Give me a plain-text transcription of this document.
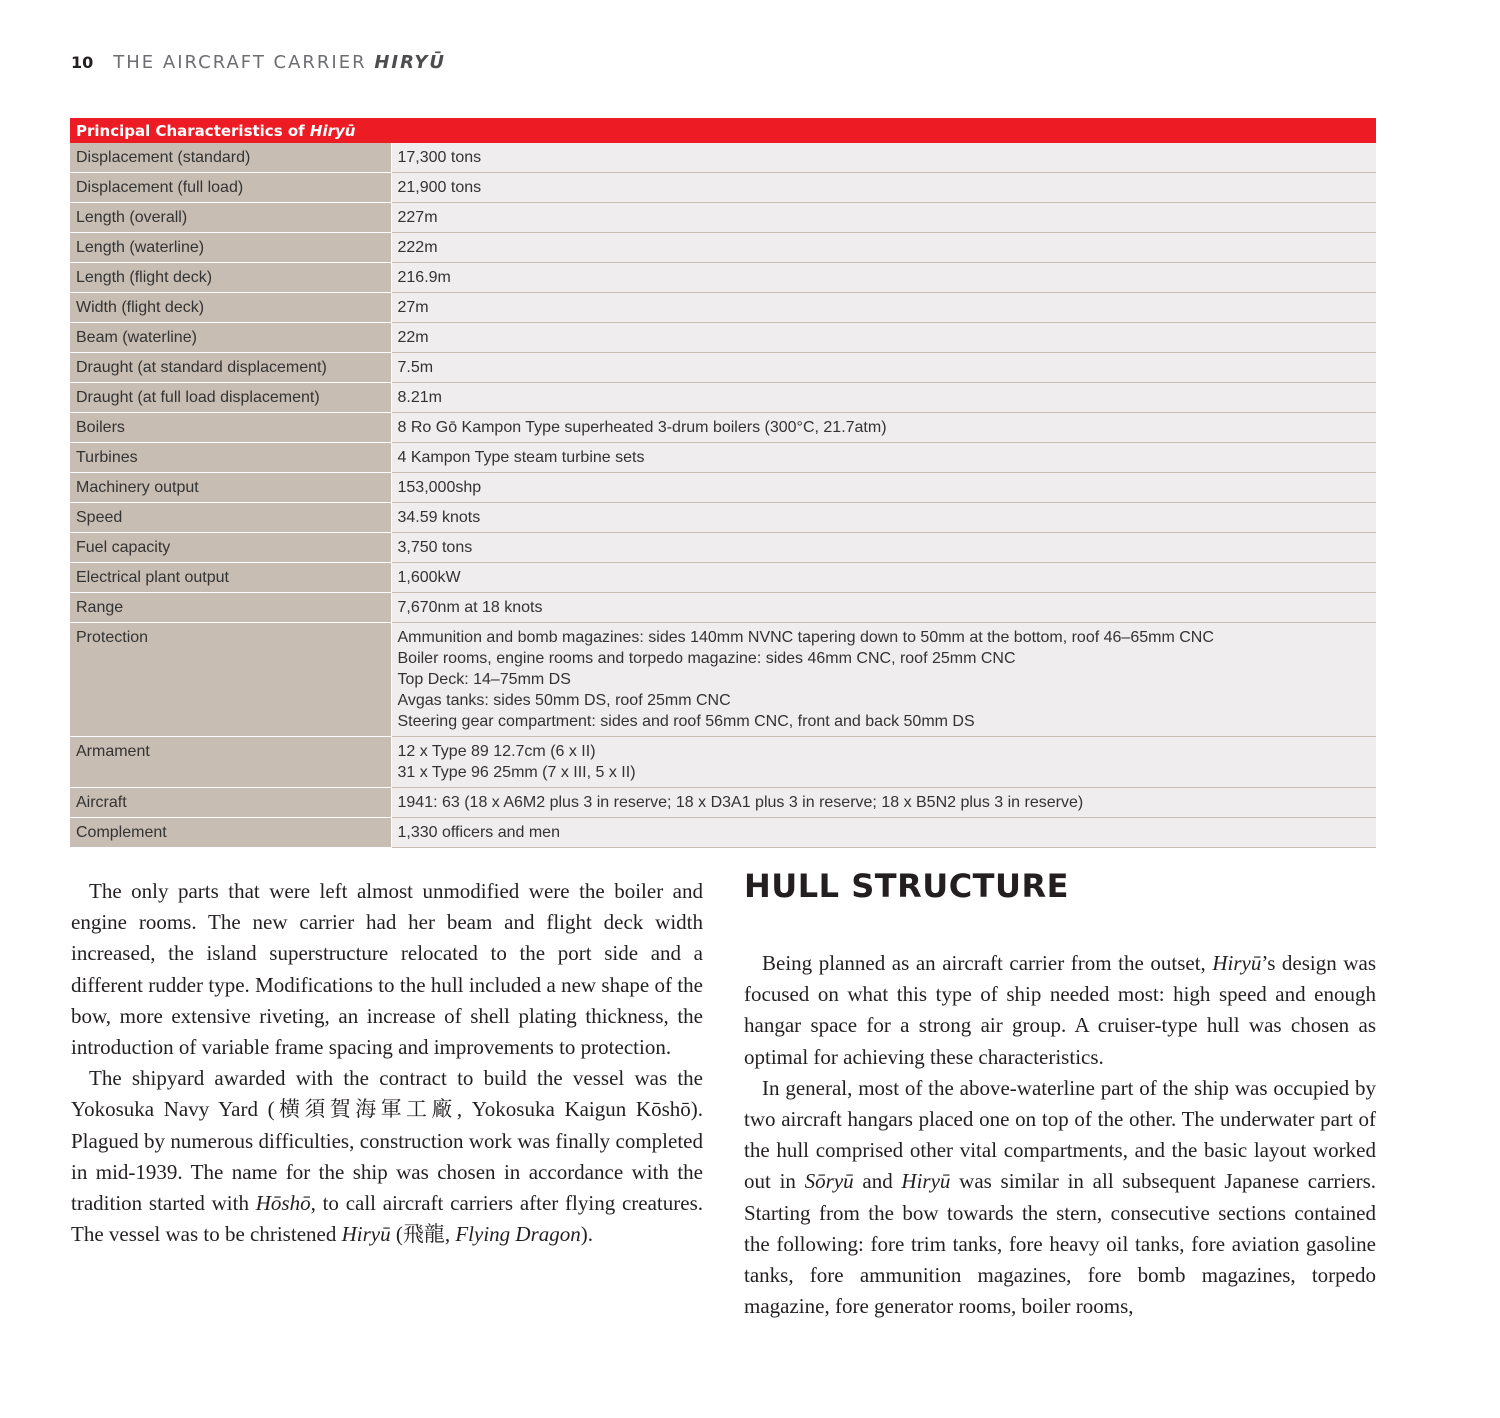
10 THE AIRCRAFT CARRIER HIRYŪ
Principal Characteristics of Hiryū	
Displacement (standard)	17,300 tons

Displacement (full load)	21,900 tons

Length (overall)	227m

Length (waterline)	222m

Length (flight deck)	216.9m

Width (flight deck)	27m

Beam (waterline)	22m

Draught (at standard displacement)	7.5m

Draught (at full load displacement)	8.21m

Boilers	8 Ro Gō Kampon Type superheated 3-drum boilers (300°C, 21.7atm)

Turbines	4 Kampon Type steam turbine sets

Machinery output	153,000shp

Speed	34.59 knots

Fuel capacity	3,750 tons

Electrical plant output	1,600kW

Range	7,670nm at 18 knots

Protection	Ammunition and bomb magazines: sides 140mm NVNC tapering down to 50mm at the bottom, roof 46–65mm CNC
Boiler rooms, engine rooms and torpedo magazine: sides 46mm CNC, roof 25mm CNC
Top Deck: 14–75mm DS
Avgas tanks: sides 50mm DS, roof 25mm CNC
Steering gear compartment: sides and roof 56mm CNC, front and back 50mm DS

Armament	12 x Type 89 12.7cm (6 x II)
31 x Type 96 25mm (7 x III, 5 x II)

Aircraft	1941: 63 (18 x A6M2 plus 3 in reserve; 18 x D3A1 plus 3 in reserve; 18 x B5N2 plus 3 in reserve)

Complement	1,330 officers and men

The only parts that were left almost unmodified were the boiler and engine rooms. The new carrier had her beam and flight deck width increased, the island superstructure relocated to the port side and a different rudder type. Modifications to the hull included a new shape of the bow, more extensive riveting, an increase of shell plating thickness, the introduction of variable frame spacing and improvements to protection.

The shipyard awarded with the contract to build the vessel was the Yokosuka Navy Yard (横須賀海軍工廠, Yokosuka Kaigun Kōshō). Plagued by numerous difficulties, construction work was finally completed in mid-1939. The name for the ship was chosen in accordance with the tradition started with Hōshō, to call aircraft carriers after flying creatures. The vessel was to be christened Hiryū (飛龍, Flying Dragon).

HULL STRUCTURE

Being planned as an aircraft carrier from the outset, Hiryū’s design was focused on what this type of ship needed most: high speed and enough hangar space for a strong air group. A cruiser-type hull was chosen as optimal for achieving these characteristics.

In general, most of the above-waterline part of the ship was occupied by two aircraft hangars placed one on top of the other. The underwater part of the hull comprised other vital compartments, and the basic layout worked out in Sōryū and Hiryū was similar in all subsequent Japanese carriers. Starting from the bow towards the stern, consecutive sections contained the following: fore trim tanks, fore heavy oil tanks, fore aviation gasoline tanks, fore ammunition magazines, fore bomb magazines, torpedo magazine, fore generator rooms, boiler rooms,
